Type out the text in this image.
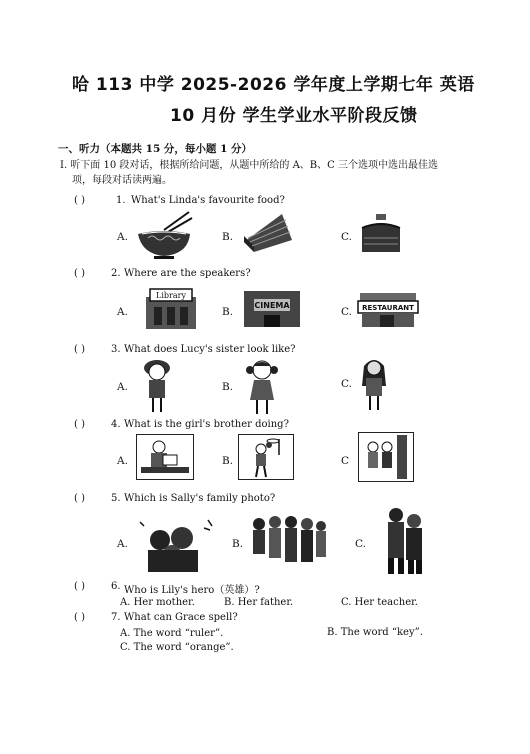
哈 113 中学 2025-2026 学年度上学期七年 英语
10 月份 学生学业水平阶段反馈
一、听力（本题共 15 分，每小题 1 分）
I. 听下面 10 段对话，根据所给问题，从题中所给的 A、B、C 三个选项中选出最佳选
项，每段对话读两遍。
( )	1. What's Linda's favourite food?
A.	B.	C.
( )	2. Where are the speakers?
A.	B.	C.
Library
CINEMA	RESTAURANT
( )	3. What does Lucy's sister look like?
A.	B.	C.
( )	4. What is the girl's brother doing?
A.	B.	C
( )	5. Which is Sally's family photo?
A.	B.	C.
( )	6. Who is Lily's hero（英雄）?
A. Her mother.	B. Her father.	C. Her teacher.
( )	7. What can Grace spell?
A. The word “ruler”.	B. The word “key”.
C. The word “orange”.
